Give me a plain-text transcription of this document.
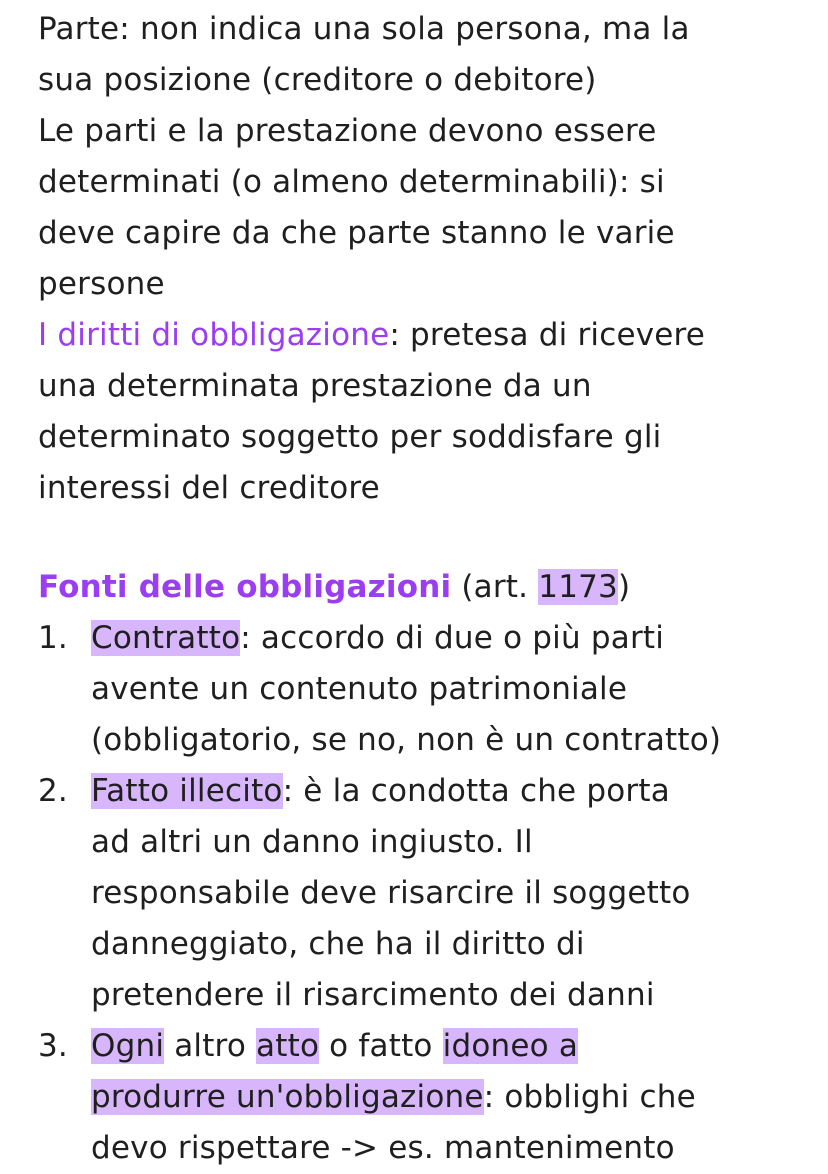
Parte: non indica una sola persona, ma la
sua posizione (creditore o debitore)
Le parti e la prestazione devono essere
determinati (o almeno determinabili): si
deve capire da che parte stanno le varie
persone
I diritti di obbligazione: pretesa di ricevere
una determinata prestazione da un
determinato soggetto per soddisfare gli
interessi del creditore
Fonti delle obbligazioni (art. 1173)
1. Contratto: accordo di due o più parti
avente un contenuto patrimoniale
(obbligatorio, se no, non è un contratto)
2. Fatto illecito: è la condotta che porta
ad altri un danno ingiusto. Il
responsabile deve risarcire il soggetto
danneggiato, che ha il diritto di
pretendere il risarcimento dei danni
3. Ogni altro atto o fatto idoneo a
produrre un'obbligazione: obblighi che
devo rispettare -> es. mantenimento
